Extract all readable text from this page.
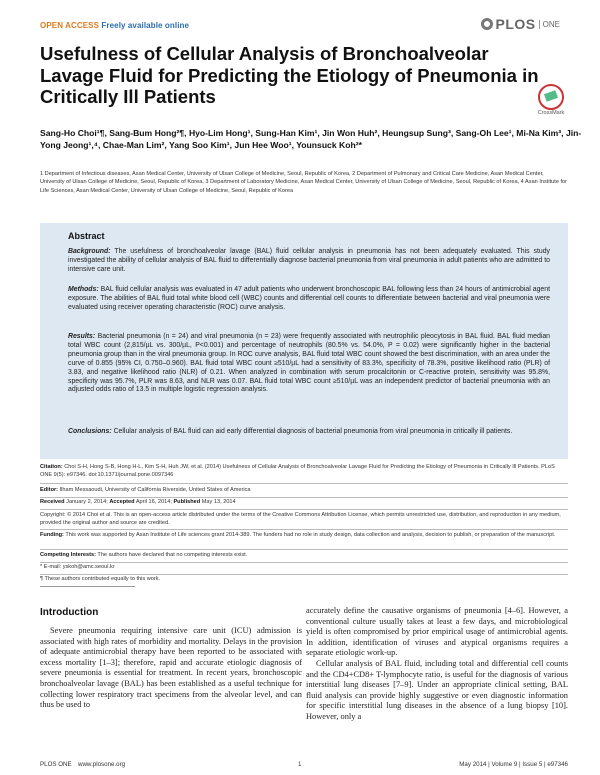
OPEN ACCESS Freely available online	PLOS ONE
Usefulness of Cellular Analysis of Bronchoalveolar Lavage Fluid for Predicting the Etiology of Pneumonia in Critically Ill Patients
CrossMark
Sang-Ho Choi¹¶, Sang-Bum Hong²¶, Hyo-Lim Hong¹, Sung-Han Kim¹, Jin Won Huh², Heungsup Sung³, Sang-Oh Lee¹, Mi-Na Kim³, Jin-Yong Jeong¹,⁴, Chae-Man Lim², Yang Soo Kim¹, Jun Hee Woo¹, Younsuck Koh²*
1 Department of Infectious diseases, Asan Medical Center, University of Ulsan College of Medicine, Seoul, Republic of Korea, 2 Department of Pulmonary and Critical Care Medicine, Asan Medical Center, University of Ulsan College of Medicine, Seoul, Republic of Korea, 3 Department of Laboratory Medicine, Asan Medical Center, University of Ulsan College of Medicine, Seoul, Republic of Korea, 4 Asan Institute for Life Sciences, Asan Medical Center, University of Ulsan College of Medicine, Seoul, Republic of Korea
Abstract
Background: The usefulness of bronchoalveolar lavage (BAL) fluid cellular analysis in pneumonia has not been adequately evaluated. This study investigated the ability of cellular analysis of BAL fluid to differentially diagnose bacterial pneumonia from viral pneumonia in adult patients who are admitted to intensive care unit.
Methods: BAL fluid cellular analysis was evaluated in 47 adult patients who underwent bronchoscopic BAL following less than 24 hours of antimicrobial agent exposure. The abilities of BAL fluid total white blood cell (WBC) counts and differential cell counts to differentiate between bacterial and viral pneumonia were evaluated using receiver operating characteristic (ROC) curve analysis.
Results: Bacterial pneumonia (n = 24) and viral pneumonia (n = 23) were frequently associated with neutrophilic pleocytosis in BAL fluid. BAL fluid median total WBC count (2,815/µL vs. 300/µL, P<0.001) and percentage of neutrophils (80.5% vs. 54.0%, P = 0.02) were significantly higher in the bacterial pneumonia group than in the viral pneumonia group. In ROC curve analysis, BAL fluid total WBC count showed the best discrimination, with an area under the curve of 0.855 (95% CI, 0.750–0.960). BAL fluid total WBC count ≥510/µL had a sensitivity of 83.3%, specificity of 78.3%, positive likelihood ratio (PLR) of 3.83, and negative likelihood ratio (NLR) of 0.21. When analyzed in combination with serum procalcitonin or C-reactive protein, sensitivity was 95.8%, specificity was 95.7%, PLR was 8.63, and NLR was 0.07. BAL fluid total WBC count ≥510/µL was an independent predictor of bacterial pneumonia with an adjusted odds ratio of 13.5 in multiple logistic regression analysis.
Conclusions: Cellular analysis of BAL fluid can aid early differential diagnosis of bacterial pneumonia from viral pneumonia in critically ill patients.
Citation: Choi S-H, Hong S-B, Hong H-L, Kim S-H, Huh JW, et al. (2014) Usefulness of Cellular Analysis of Bronchoalveolar Lavage Fluid for Predicting the Etiology of Pneumonia in Critically Ill Patients. PLoS ONE 9(5): e97346. doi:10.1371/journal.pone.0097346
Editor: Ilham Messaoudi, University of California Riverside, United States of America
Received January 2, 2014; Accepted April 16, 2014; Published May 13, 2014
Copyright: © 2014 Choi et al. This is an open-access article distributed under the terms of the Creative Commons Attribution License, which permits unrestricted use, distribution, and reproduction in any medium, provided the original author and source are credited.
Funding: This work was supported by Asan Institute of Life sciences grant 2014-389. The funders had no role in study design, data collection and analysis, decision to publish, or preparation of the manuscript.
Competing Interests: The authors have declared that no competing interests exist.
* E-mail: yskoh@amc.seoul.kr
¶ These authors contributed equally to this work.
Introduction

Severe pneumonia requiring intensive care unit (ICU) admission is associated with high rates of morbidity and mortality. Delays in the provision of adequate antimicrobial therapy have been reported to be associated with excess mortality [1–3]; therefore, rapid and accurate etiologic diagnosis of severe pneumonia is essential for treatment. In recent years, bronchoscopic bronchoalveolar lavage (BAL) has been established as a useful technique for collecting lower respiratory tract specimens from the alveolar level, and can thus be used to

accurately define the causative organisms of pneumonia [4–6]. However, a conventional culture usually takes at least a few days, and microbiological yield is often compromised by prior empirical usage of antimicrobial agents. In addition, identification of viruses and atypical organisms requires a separate etiologic work-up.

Cellular analysis of BAL fluid, including total and differential cell counts and the CD4+CD8+ T-lymphocyte ratio, is useful for the diagnosis of various interstitial lung diseases [7–9]. Under an appropriate clinical setting, BAL fluid analysis can provide highly suggestive or even diagnostic information for specific interstitial lung diseases in the absence of a lung biopsy [10]. However, only a

PLOS ONE www.plosone.org	1	May 2014 | Volume 9 | Issue 5 | e97346
